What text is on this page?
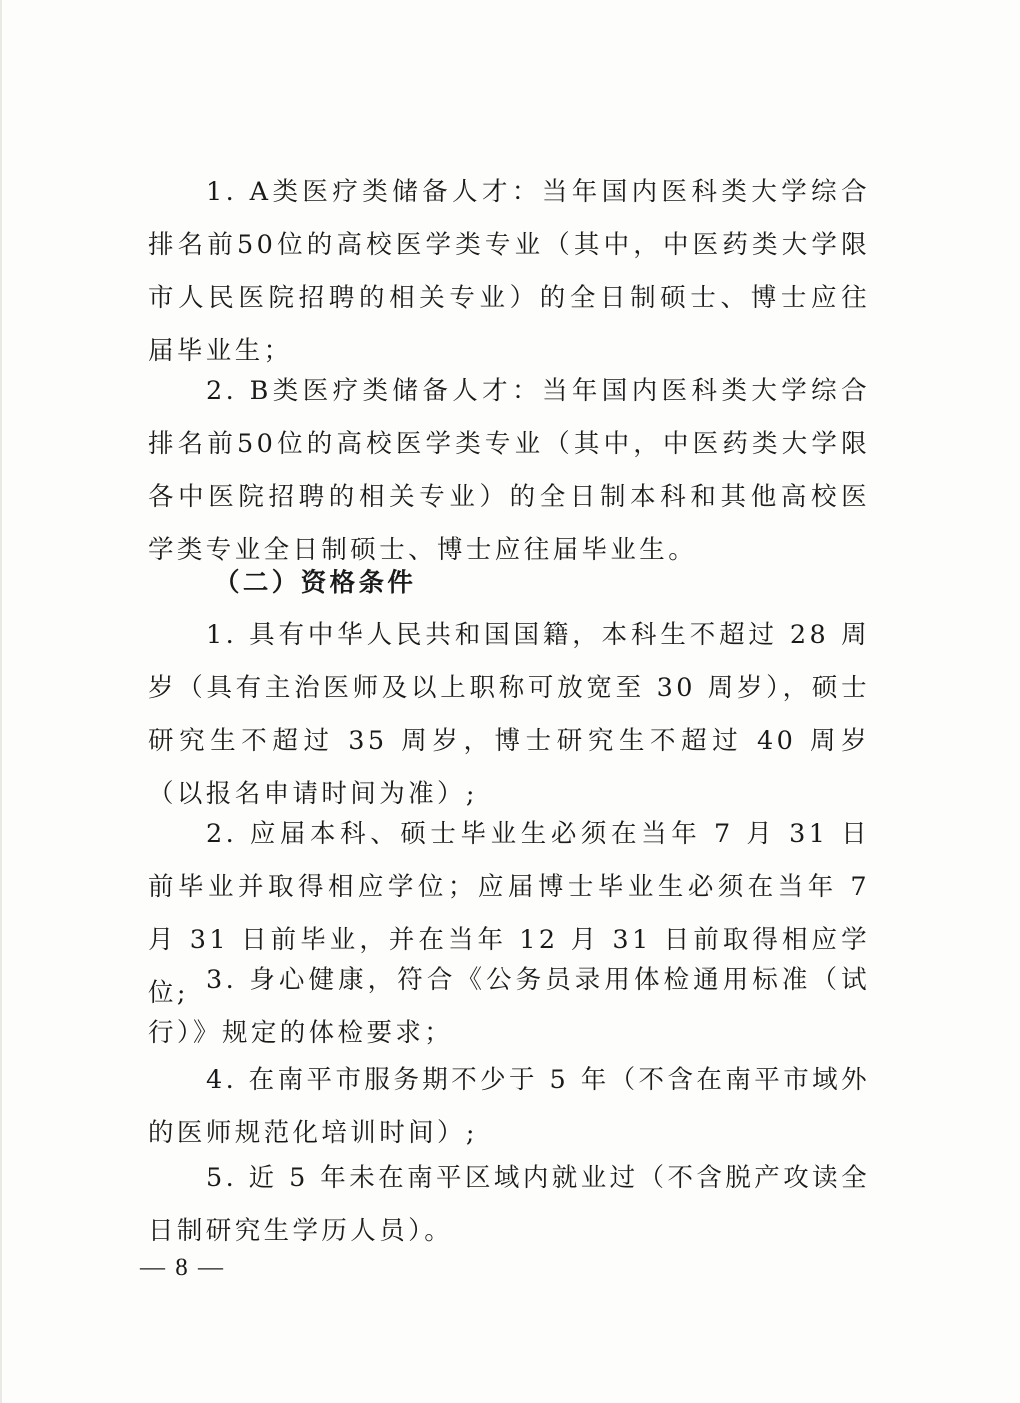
1. A类医疗类储备人才：当年国内医科类大学综合排名前50位的高校医学类专业（其中，中医药类大学限市人民医院招聘的相关专业）的全日制硕士、博士应往届毕业生；

2. B类医疗类储备人才：当年国内医科类大学综合排名前50位的高校医学类专业（其中，中医药类大学限各中医院招聘的相关专业）的全日制本科和其他高校医学类专业全日制硕士、博士应往届毕业生。

（二）资格条件

1. 具有中华人民共和国国籍，本科生不超过 28 周岁（具有主治医师及以上职称可放宽至 30 周岁），硕士研究生不超过 35 周岁，博士研究生不超过 40 周岁（以报名申请时间为准）;

2. 应届本科、硕士毕业生必须在当年 7 月 31 日前毕业并取得相应学位；应届博士毕业生必须在当年 7 月 31 日前毕业，并在当年 12 月 31 日前取得相应学位; 3. 身心健康，符合《公务员录用体检通用标准（试行）》规定的体检要求；

4. 在南平市服务期不少于 5 年（不含在南平市域外的医师规范化培训时间）;

5. 近 5 年未在南平区域内就业过（不含脱产攻读全日制研究生学历人员）。

— 8 —
